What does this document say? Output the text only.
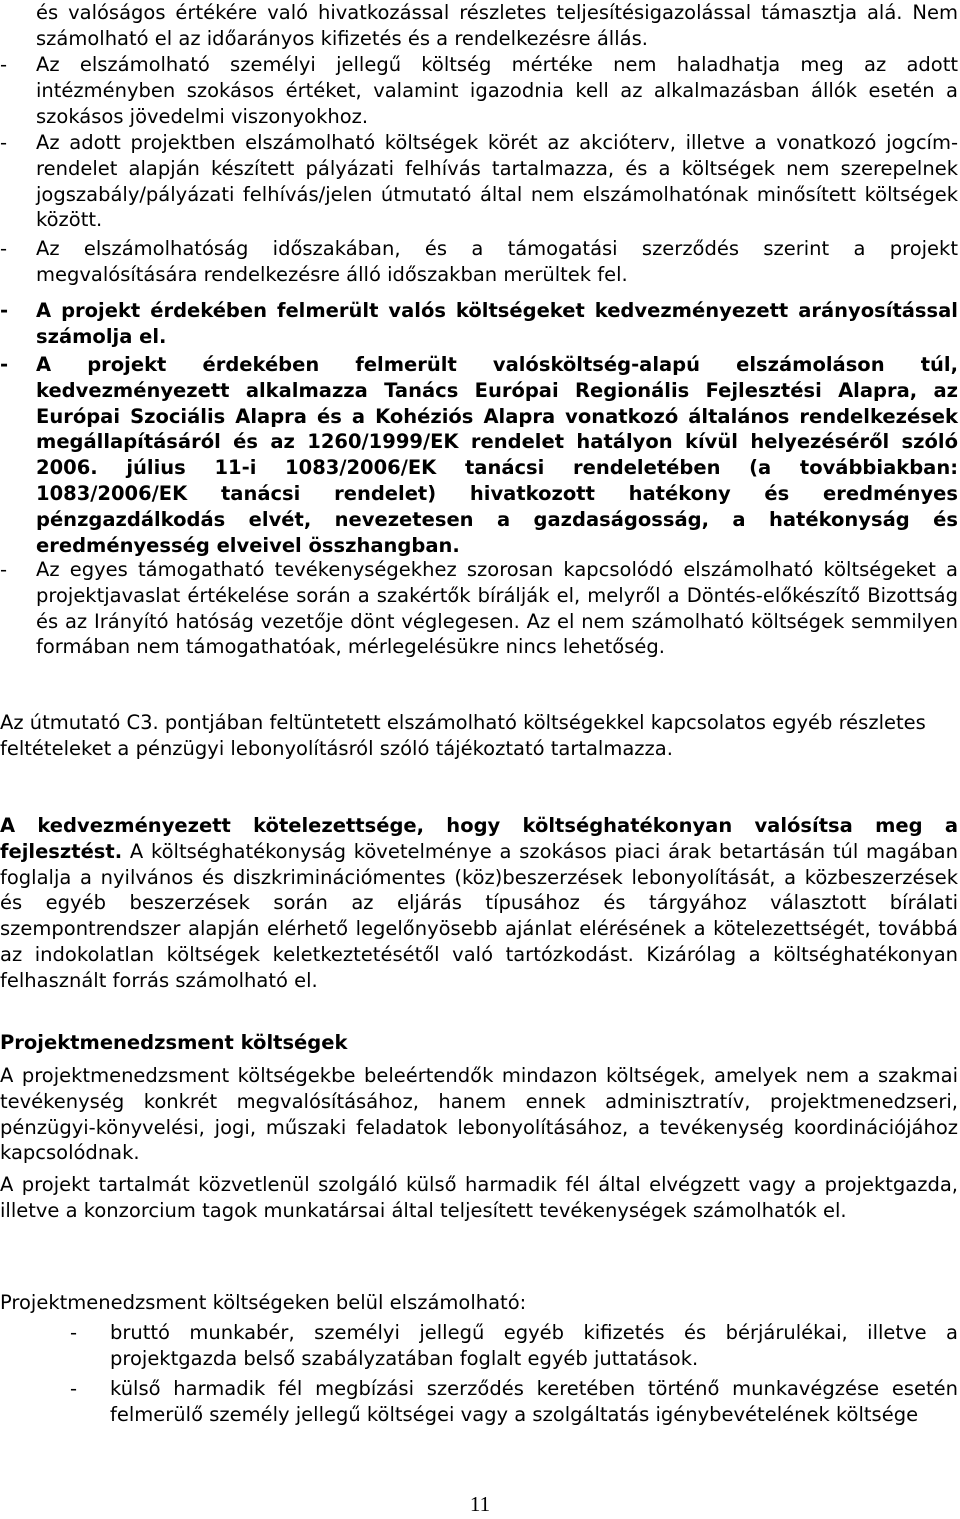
és valóságos értékére való hivatkozással részletes teljesítésigazolással támasztja alá. Nem számolható el az időarányos kifizetés és a rendelkezésre állás.
- Az elszámolható személyi jellegű költség mértéke nem haladhatja meg az adott intézményben szokásos értéket, valamint igazodnia kell az alkalmazásban állók esetén a szokásos jövedelmi viszonyokhoz.
- Az adott projektben elszámolható költségek körét az akcióterv, illetve a vonatkozó jogcím-rendelet alapján készített pályázati felhívás tartalmazza, és a költségek nem szerepelnek jogszabály/pályázati felhívás/jelen útmutató által nem elszámolhatónak minősített költségek között.
- Az elszámolhatóság időszakában, és a támogatási szerződés szerint a projekt megvalósítására rendelkezésre álló időszakban merültek fel.
- A projekt érdekében felmerült valós költségeket kedvezményezett arányosítással számolja el.
- A projekt érdekében felmerült valósköltség-alapú elszámoláson túl, kedvezményezett alkalmazza Tanács Európai Regionális Fejlesztési Alapra, az Európai Szociális Alapra és a Kohéziós Alapra vonatkozó általános rendelkezések megállapításáról és az 1260/1999/EK rendelet hatályon kívül helyezéséről szóló 2006. július 11-i 1083/2006/EK tanácsi rendeletében (a továbbiakban: 1083/2006/EK tanácsi rendelet) hivatkozott hatékony és eredményes pénzgazdálkodás elvét, nevezetesen a gazdaságosság, a hatékonyság és eredményesség elveivel összhangban.
- Az egyes támogatható tevékenységekhez szorosan kapcsolódó elszámolható költségeket a projektjavaslat értékelése során a szakértők bírálják el, melyről a Döntés-előkészítő Bizottság és az Irányító hatóság vezetője dönt véglegesen. Az el nem számolható költségek semmilyen formában nem támogathatóak, mérlegelésükre nincs lehetőség.
Az útmutató C3. pontjában feltüntetett elszámolható költségekkel kapcsolatos egyéb részletes feltételeket a pénzügyi lebonyolításról szóló tájékoztató tartalmazza.
A kedvezményezett kötelezettsége, hogy költséghatékonyan valósítsa meg a fejlesztést. A költséghatékonyság követelménye a szokásos piaci árak betartásán túl magában foglalja a nyilvános és diszkriminációmentes (köz)beszerzések lebonyolítását, a közbeszerzések és egyéb beszerzések során az eljárás típusához és tárgyához választott bírálati szempontrendszer alapján elérhető legelőnyösebb ajánlat elérésének a kötelezettségét, továbbá az indokolatlan költségek keletkeztetésétől való tartózkodást. Kizárólag a költséghatékonyan felhasznált forrás számolható el.
Projektmenedzsment költségek
A projektmenedzsment költségekbe beleértendők mindazon költségek, amelyek nem a szakmai tevékenység konkrét megvalósításához, hanem ennek adminisztratív, projektmenedzseri, pénzügyi-könyvelési, jogi, műszaki feladatok lebonyolításához, a tevékenység koordinációjához kapcsolódnak.
A projekt tartalmát közvetlenül szolgáló külső harmadik fél által elvégzett vagy a projektgazda, illetve a konzorcium tagok munkatársai által teljesített tevékenységek számolhatók el.
Projektmenedzsment költségeken belül elszámolható:
- bruttó munkabér, személyi jellegű egyéb kifizetés és bérjárulékai, illetve a projektgazda belső szabályzatában foglalt egyéb juttatások.
- külső harmadik fél megbízási szerződés keretében történő munkavégzése esetén felmerülő személy jellegű költségei vagy a szolgáltatás igénybevételének költsége
11
